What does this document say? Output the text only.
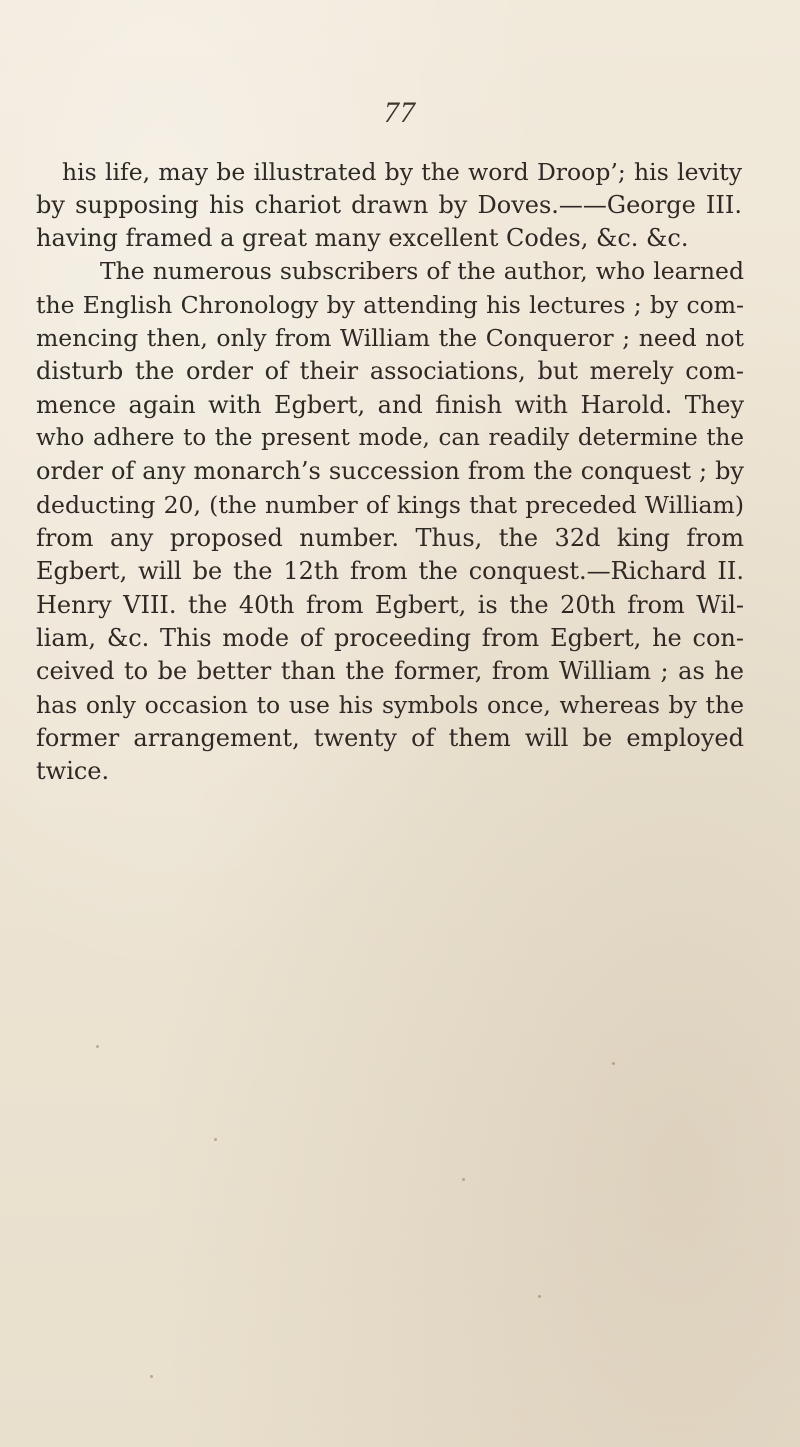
77
his life, may be illustrated by the word Droop’; his levity
by supposing his chariot drawn by Doves.——George III.
having framed a great many excellent Codes, &c. &c.
The numerous subscribers of the author, who learned
the English Chronology by attending his lectures ; by com-
mencing then, only from William the Conqueror ; need not
disturb the order of their associations, but merely com-
mence again with Egbert, and finish with Harold. They
who adhere to the present mode, can readily determine the
order of any monarch’s succession from the conquest ; by
deducting 20, (the number of kings that preceded William)
from any proposed number. Thus, the 32d king from
Egbert, will be the 12th from the conquest.—Richard II.
Henry VIII. the 40th from Egbert, is the 20th from Wil-
liam, &c. This mode of proceeding from Egbert, he con-
ceived to be better than the former, from William ; as he
has only occasion to use his symbols once, whereas by the
former arrangement, twenty of them will be employed
twice.
